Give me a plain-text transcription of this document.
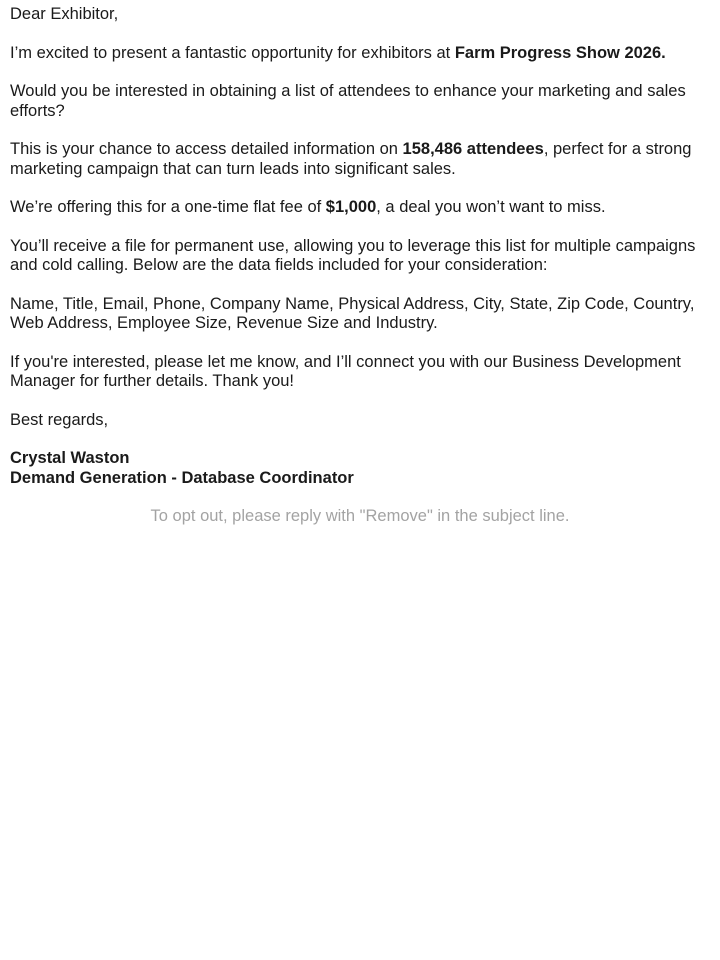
Dear Exhibitor,

I’m excited to present a fantastic opportunity for exhibitors at Farm Progress Show 2026.

Would you be interested in obtaining a list of attendees to enhance your marketing and sales efforts?

This is your chance to access detailed information on 158,486 attendees, perfect for a strong marketing campaign that can turn leads into significant sales.

We’re offering this for a one-time flat fee of $1,000, a deal you won’t want to miss.

You’ll receive a file for permanent use, allowing you to leverage this list for multiple campaigns and cold calling. Below are the data fields included for your consideration:

Name, Title, Email, Phone, Company Name, Physical Address, City, State, Zip Code, Country, Web Address, Employee Size, Revenue Size and Industry.

If you're interested, please let me know, and I’ll connect you with our Business Development Manager for further details. Thank you!

Best regards,

Crystal Waston
Demand Generation - Database Coordinator

To opt out, please reply with "Remove" in the subject line.
